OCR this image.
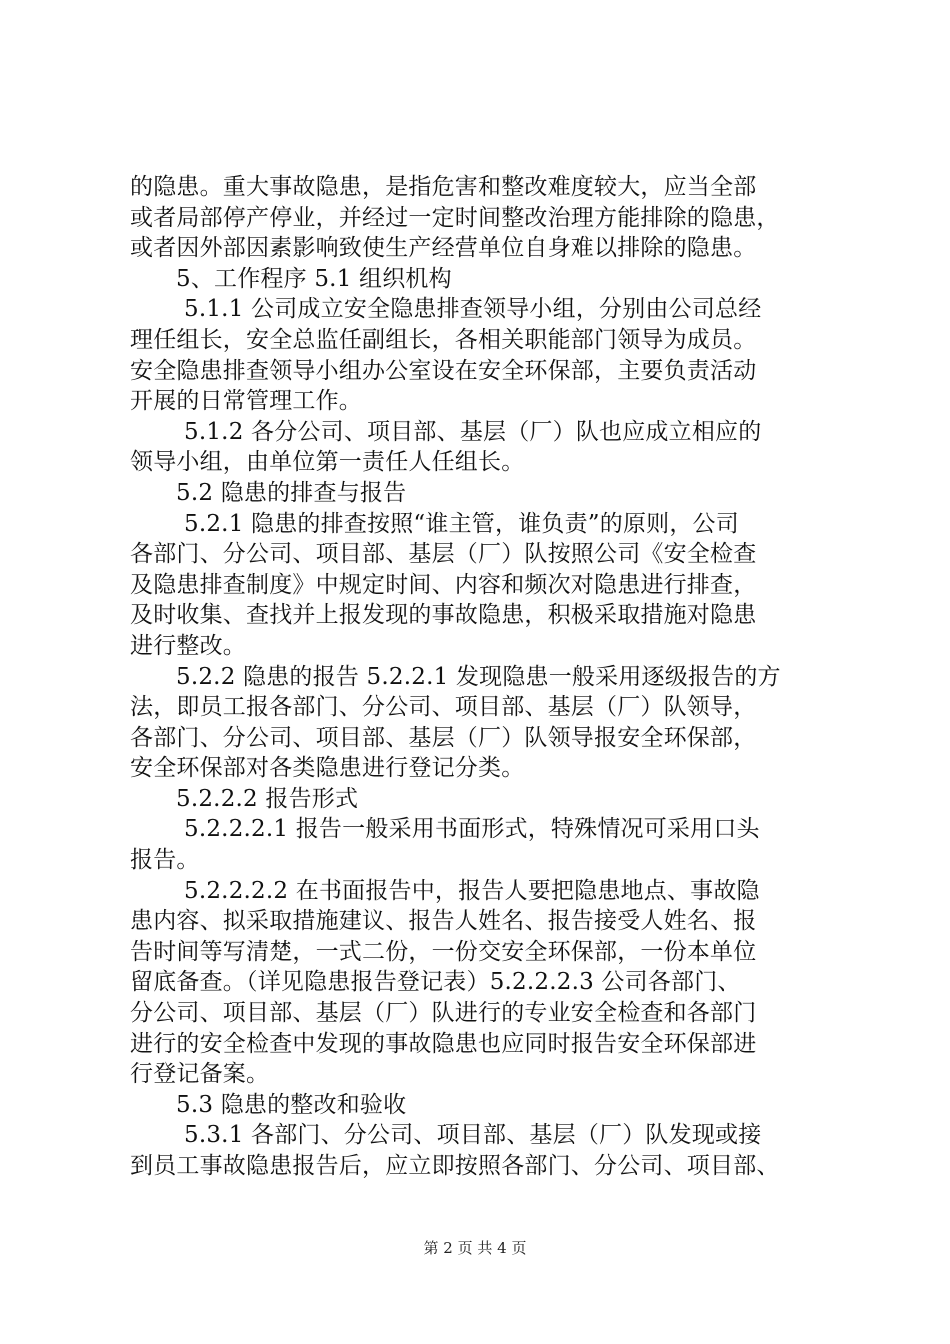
的隐患。重大事故隐患，是指危害和整改难度较大，应当全部
或者局部停产停业，并经过一定时间整改治理方能排除的隐患，
或者因外部因素影响致使生产经营单位自身难以排除的隐患。
5、工作程序 5.1 组织机构
5.1.1 公司成立安全隐患排查领导小组，分别由公司总经
理任组长，安全总监任副组长，各相关职能部门领导为成员。
安全隐患排查领导小组办公室设在安全环保部，主要负责活动
开展的日常管理工作。
5.1.2 各分公司、项目部、基层（厂）队也应成立相应的
领导小组，由单位第一责任人任组长。
5.2 隐患的排查与报告
5.2.1 隐患的排查按照“谁主管，谁负责”的原则，公司
各部门、分公司、项目部、基层（厂）队按照公司《安全检查
及隐患排查制度》中规定时间、内容和频次对隐患进行排查，
及时收集、查找并上报发现的事故隐患，积极采取措施对隐患
进行整改。
5.2.2 隐患的报告 5.2.2.1 发现隐患一般采用逐级报告的方
法，即员工报各部门、分公司、项目部、基层（厂）队领导，
各部门、分公司、项目部、基层（厂）队领导报安全环保部，
安全环保部对各类隐患进行登记分类。
5.2.2.2 报告形式
5.2.2.2.1 报告一般采用书面形式，特殊情况可采用口头
报告。
5.2.2.2.2 在书面报告中，报告人要把隐患地点、事故隐
患内容、拟采取措施建议、报告人姓名、报告接受人姓名、报
告时间等写清楚，一式二份，一份交安全环保部，一份本单位
留底备查。（详见隐患报告登记表）5.2.2.2.3 公司各部门、
分公司、项目部、基层（厂）队进行的专业安全检查和各部门
进行的安全检查中发现的事故隐患也应同时报告安全环保部进
行登记备案。
5.3 隐患的整改和验收
5.3.1 各部门、分公司、项目部、基层（厂）队发现或接
到员工事故隐患报告后，应立即按照各部门、分公司、项目部、
第 2 页 共 4 页
